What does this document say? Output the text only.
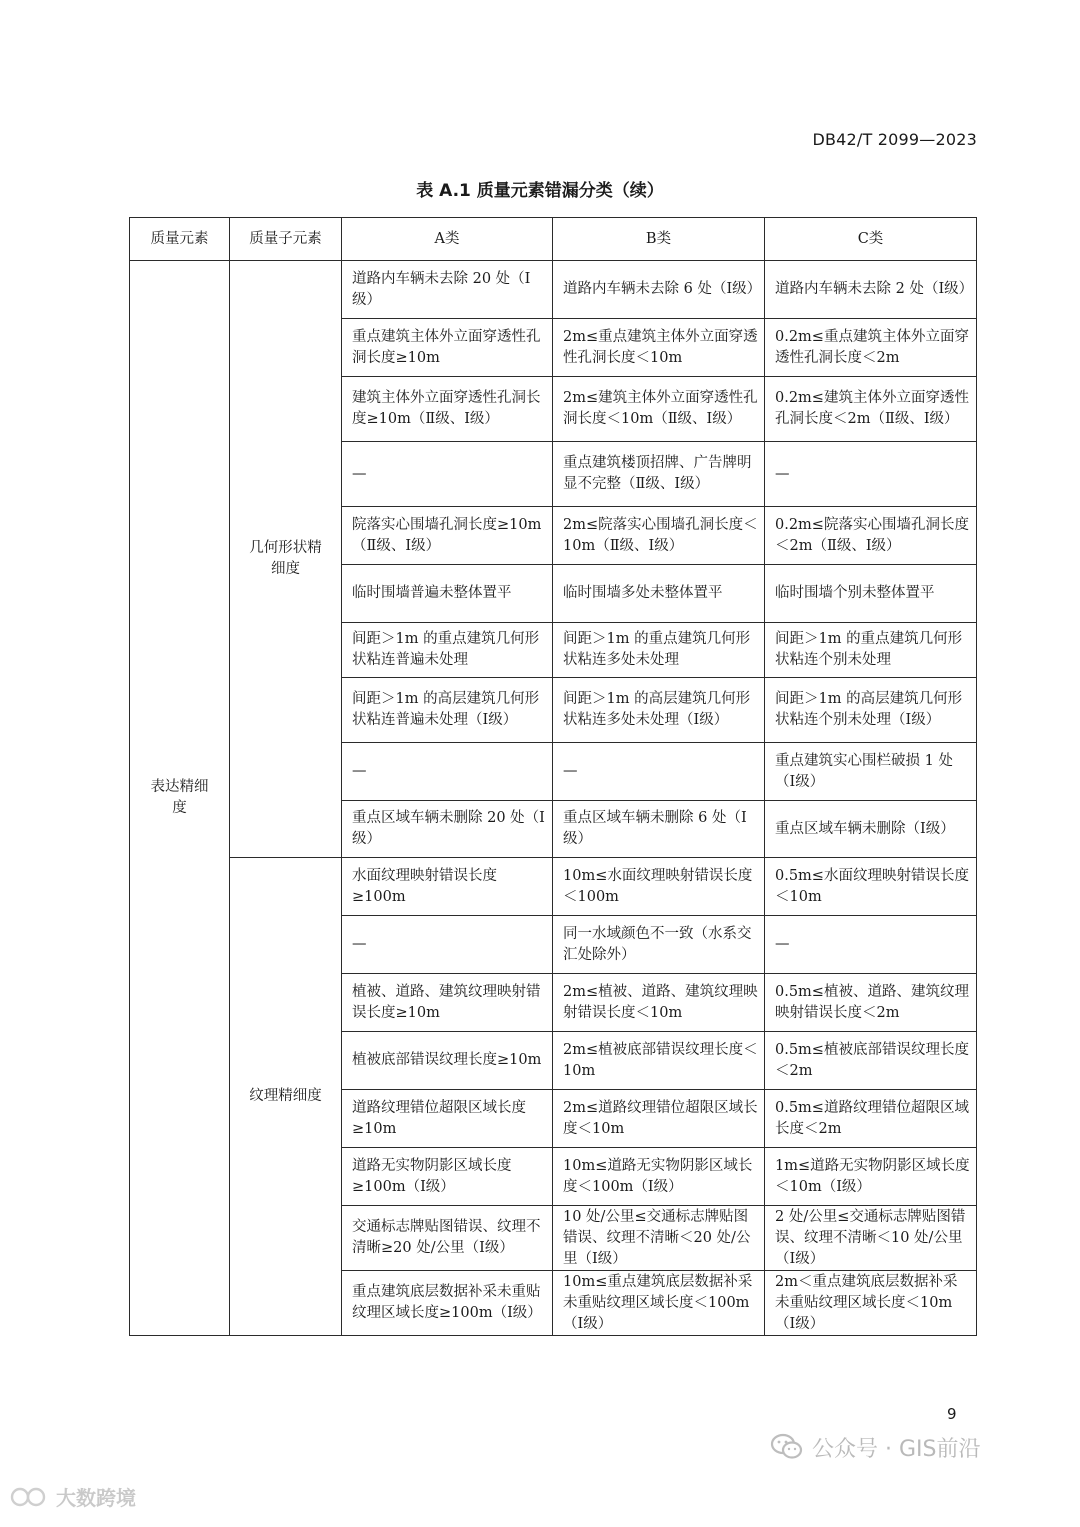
DB42/T 2099—2023
表 A.1 质量元素错漏分类（续）
质量元素	质量子元素	A类	B类	C类
表达精细度	几何形状精细度	道路内车辆未去除 20 处（Ⅰ级）	道路内车辆未去除 6 处（Ⅰ级）	道路内车辆未去除 2 处（Ⅰ级）
		重点建筑主体外立面穿透性孔洞长度≥10m	2m≤重点建筑主体外立面穿透性孔洞长度＜10m	0.2m≤重点建筑主体外立面穿透性孔洞长度＜2m
		建筑主体外立面穿透性孔洞长度≥10m（Ⅱ级、Ⅰ级）	2m≤建筑主体外立面穿透性孔洞长度＜10m（Ⅱ级、Ⅰ级）	0.2m≤建筑主体外立面穿透性孔洞长度＜2m（Ⅱ级、Ⅰ级）
		—	重点建筑楼顶招牌、广告牌明显不完整（Ⅱ级、Ⅰ级）	—
		院落实心围墙孔洞长度≥10m（Ⅱ级、Ⅰ级）	2m≤院落实心围墙孔洞长度＜10m（Ⅱ级、Ⅰ级）	0.2m≤院落实心围墙孔洞长度＜2m（Ⅱ级、Ⅰ级）
		临时围墙普遍未整体置平	临时围墙多处未整体置平	临时围墙个别未整体置平
		间距＞1m 的重点建筑几何形状粘连普遍未处理	间距＞1m 的重点建筑几何形状粘连多处未处理	间距＞1m 的重点建筑几何形状粘连个别未处理
		间距＞1m 的高层建筑几何形状粘连普遍未处理（Ⅰ级）	间距＞1m 的高层建筑几何形状粘连多处未处理（Ⅰ级）	间距＞1m 的高层建筑几何形状粘连个别未处理（Ⅰ级）
		—	—	重点建筑实心围栏破损 1 处（Ⅰ级）
		重点区域车辆未删除 20 处（Ⅰ级）	重点区域车辆未删除 6 处（Ⅰ级）	重点区域车辆未删除（Ⅰ级）
	纹理精细度	水面纹理映射错误长度≥100m	10m≤水面纹理映射错误长度＜100m	0.5m≤水面纹理映射错误长度＜10m
		—	同一水域颜色不一致（水系交汇处除外）	—
		植被、道路、建筑纹理映射错误长度≥10m	2m≤植被、道路、建筑纹理映射错误长度＜10m	0.5m≤植被、道路、建筑纹理映射错误长度＜2m
		植被底部错误纹理长度≥10m	2m≤植被底部错误纹理长度＜10m	0.5m≤植被底部错误纹理长度＜2m
		道路纹理错位超限区域长度≥10m	2m≤道路纹理错位超限区域长度＜10m	0.5m≤道路纹理错位超限区域长度＜2m
		道路无实物阴影区域长度≥100m（Ⅰ级）	10m≤道路无实物阴影区域长度＜100m（Ⅰ级）	1m≤道路无实物阴影区域长度＜10m（Ⅰ级）
		交通标志牌贴图错误、纹理不清晰≥20 处/公里（Ⅰ级）	10 处/公里≤交通标志牌贴图错误、纹理不清晰＜20 处/公里（Ⅰ级）	2 处/公里≤交通标志牌贴图错误、纹理不清晰＜10 处/公里（Ⅰ级）
		重点建筑底层数据补采未重贴纹理区域长度≥100m（Ⅰ级）	10m≤重点建筑底层数据补采未重贴纹理区域长度＜100m（Ⅰ级）	2m＜重点建筑底层数据补采未重贴纹理区域长度＜10m（Ⅰ级）
9
公众号 · GIS前沿
大数跨境
